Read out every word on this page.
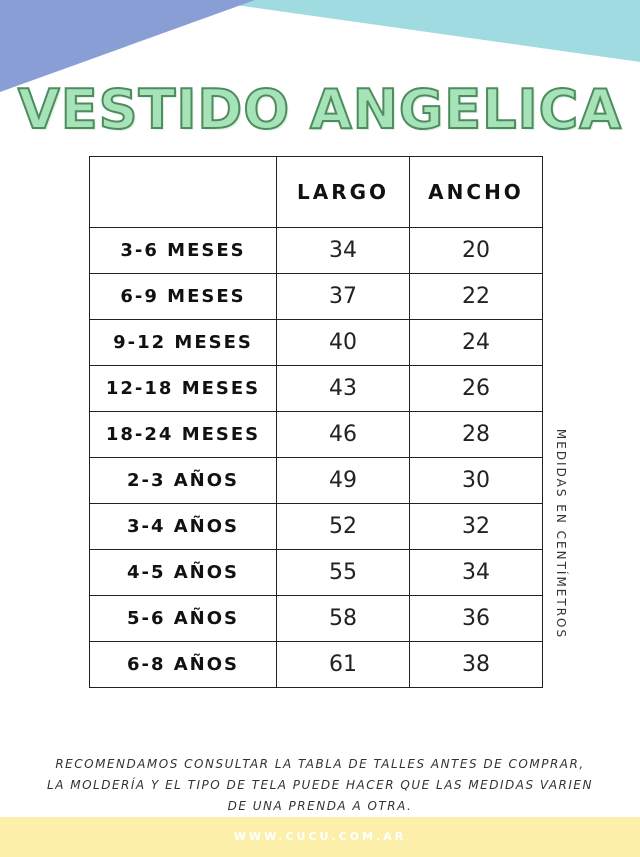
VESTIDO ANGELICA
	LARGO	ANCHO
3-6 MESES	34	20
6-9 MESES	37	22
9-12 MESES	40	24
12-18 MESES	43	26
18-24 MESES	46	28
2-3 AÑOS	49	30
3-4 AÑOS	52	32
4-5 AÑOS	55	34
5-6 AÑOS	58	36
6-8 AÑOS	61	38
MEDIDAS EN CENTÍMETROS
RECOMENDAMOS CONSULTAR LA TABLA DE TALLES ANTES DE COMPRAR,
LA MOLDERÍA Y EL TIPO DE TELA PUEDE HACER QUE LAS MEDIDAS VARIEN
DE UNA PRENDA A OTRA.
WWW.CUCU.COM.AR
